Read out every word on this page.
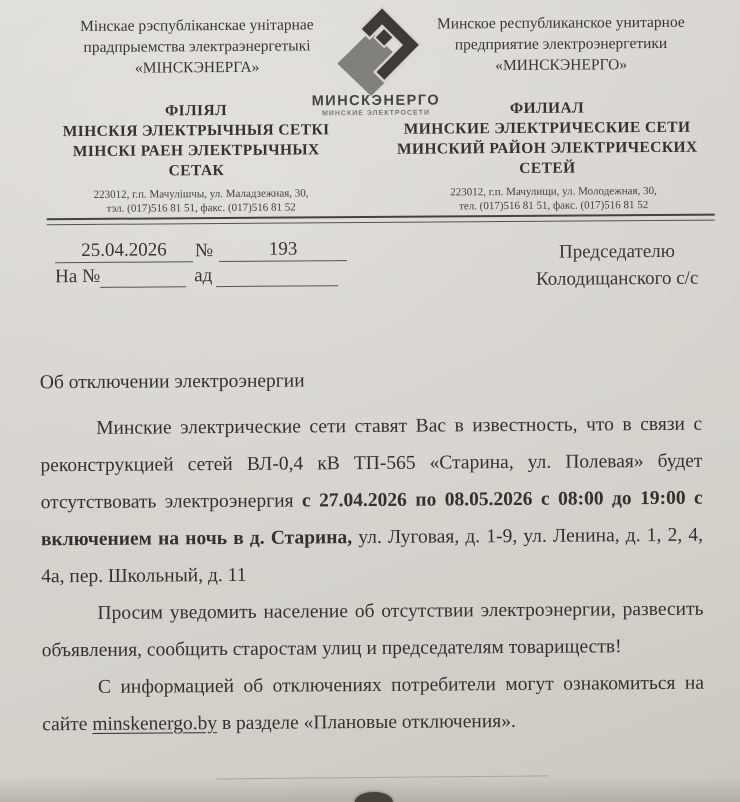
Мінскае рэспубліканскае унітарнае
прадпрыемства электраэнергетыкі
«МІНСКЭНЕРГА»
Минское республиканское унитарное
предприятие электроэнергетики
«МИНСКЭНЕРГО»
МИНСКЭНЕРГО
МИНСКИЕ ЭЛЕКТРОСЕТИ
ФІЛІЯЛ
МІНСКІЯ ЭЛЕКТРЫЧНЫЯ СЕТКІ
МІНСКІ РАЕН ЭЛЕКТРЫЧНЫХ
СЕТАК
ФИЛИАЛ
МИНСКИЕ ЭЛЕКТРИЧЕСКИЕ СЕТИ
МИНСКИЙ РАЙОН ЭЛЕКТРИЧЕСКИХ
СЕТЕЙ
223012, г.п. Мачулішчы, ул. Маладзежная, 30,
тэл. (017)516 81 51, факс. (017)516 81 52
223012, г.п. Мачулищи, ул. Молодежная, 30,
тел. (017)516 81 51, факс. (017)516 81 52
25.04.2026 №	193
На №	ад
Председателю
Колодищанского с/с

Об отключении электроэнергии

Минские электрические сети ставят Вас в известность, что в связи с реконструкцией сетей ВЛ-0,4 кВ ТП-565 «Старина, ул. Полевая» будет отсутствовать электроэнергия с 27.04.2026 по 08.05.2026 с 08:00 до 19:00 с включением на ночь в д. Старина, ул. Луговая, д. 1-9, ул. Ленина, д. 1, 2, 4, 4а, пер. Школьный, д. 11

Просим уведомить население об отсутствии электроэнергии, развесить объявления, сообщить старостам улиц и председателям товариществ!

С информацией об отключениях потребители могут ознакомиться на сайте minskenergo.by в разделе «Плановые отключения».
